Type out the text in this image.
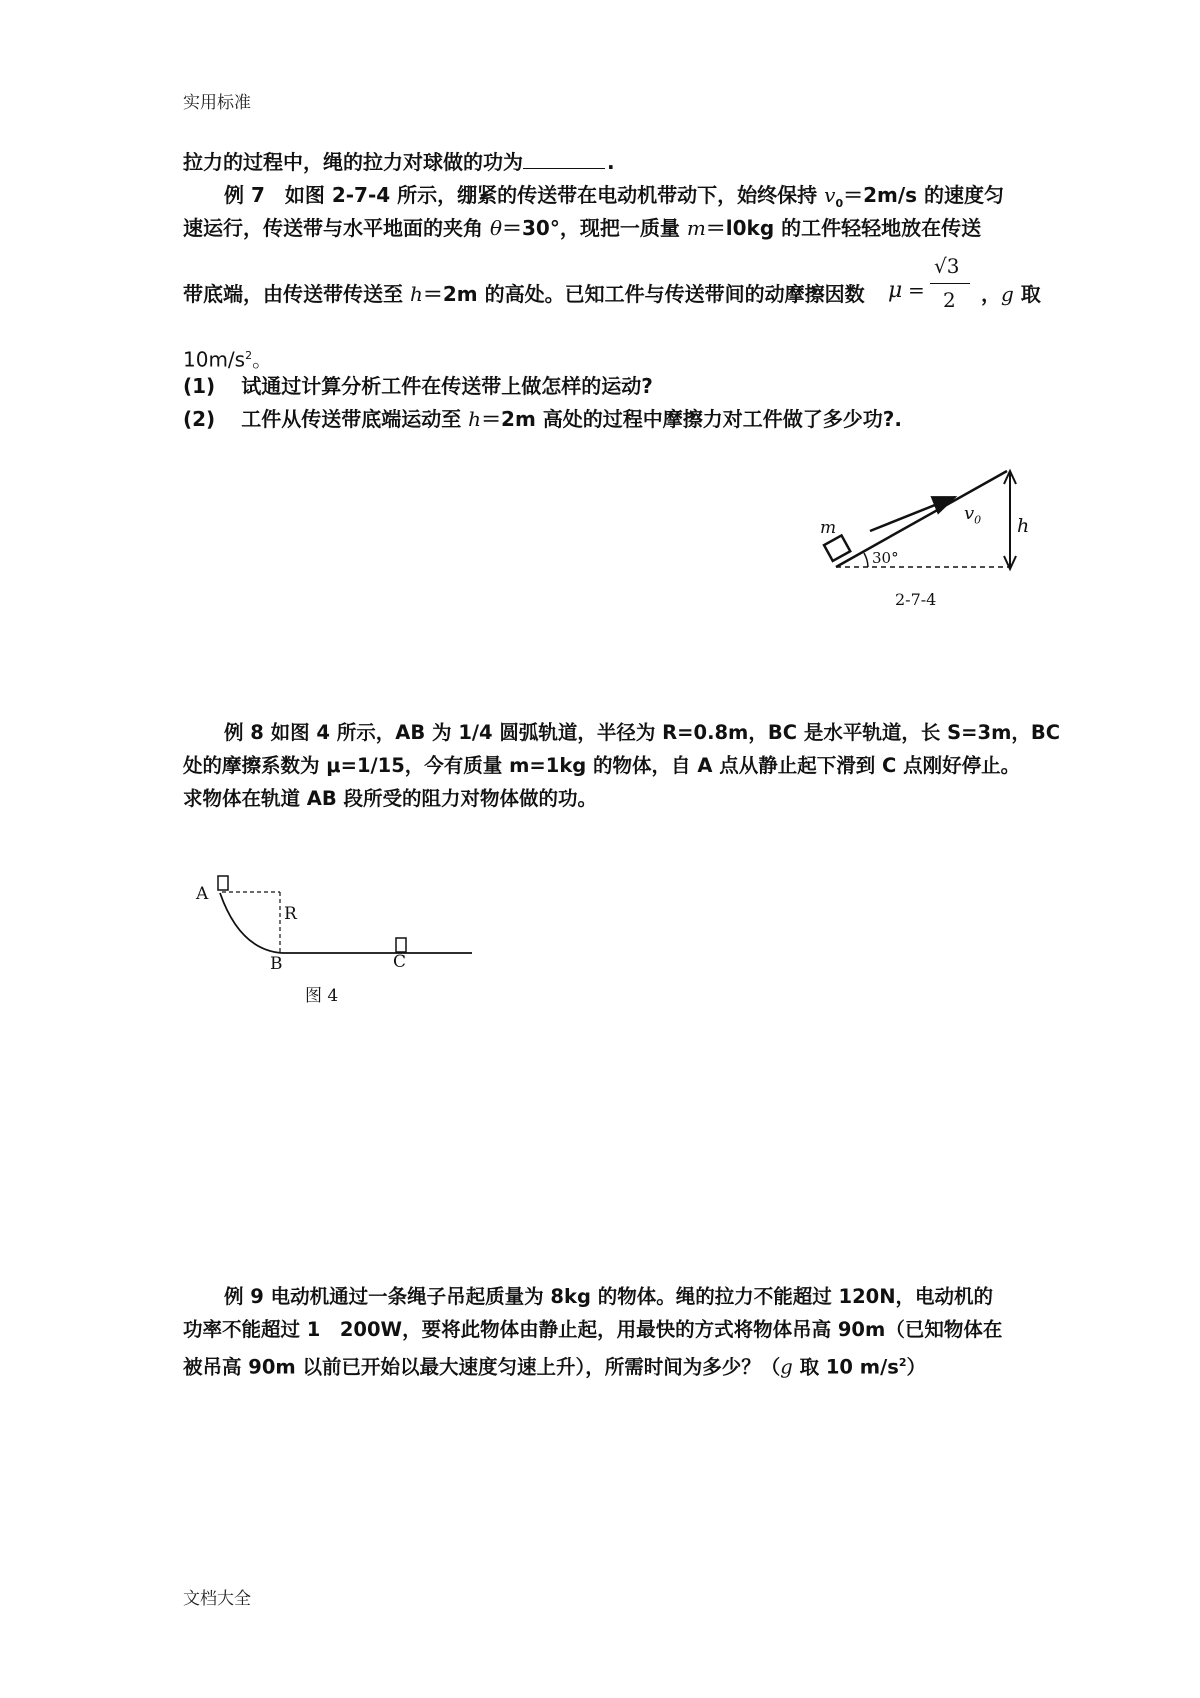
实用标准
拉力的过程中，绳的拉力对球做的功为	.
例 7　如图 2-7-4 所示，绷紧的传送带在电动机带动下，始终保持 $v_0=2m/s$ 的速度匀
速运行，传送带与水平地面的夹角 θ＝30°，现把一质量 m＝l0kg 的工件轻轻地放在传送
带底端，由传送带传送至 h＝2m 的高处。已知工件与传送带间的动摩擦因数 μ =
√3
2 ，g 取
$10m/s^2$。
(1) 试通过计算分析工件在传送带上做怎样的运动?
(2) 工件从传送带底端运动至 h＝2m 高处的过程中摩擦力对工件做了多少功?.
m
$v_0$ h
30°
2-7-4
例 8 如图 4 所示，AB 为 1/4 圆弧轨道，半径为 R=0.8m，BC 是水平轨道，长 S=3m，BC
处的摩擦系数为 μ=1/15，今有质量 m=1kg 的物体，自 A 点从静止起下滑到 C 点刚好停止。
求物体在轨道 AB 段所受的阻力对物体做的功。
A
R
B	C
图 4
例 9 电动机通过一条绳子吊起质量为 8kg 的物体。绳的拉力不能超过 120N，电动机的
功率不能超过 1　200W，要将此物体由静止起，用最快的方式将物体吊高 90m（已知物体在
被吊高 90m 以前已开始以最大速度匀速上升），所需时间为多少？（g 取 10 $m/s^2$）
文档大全
